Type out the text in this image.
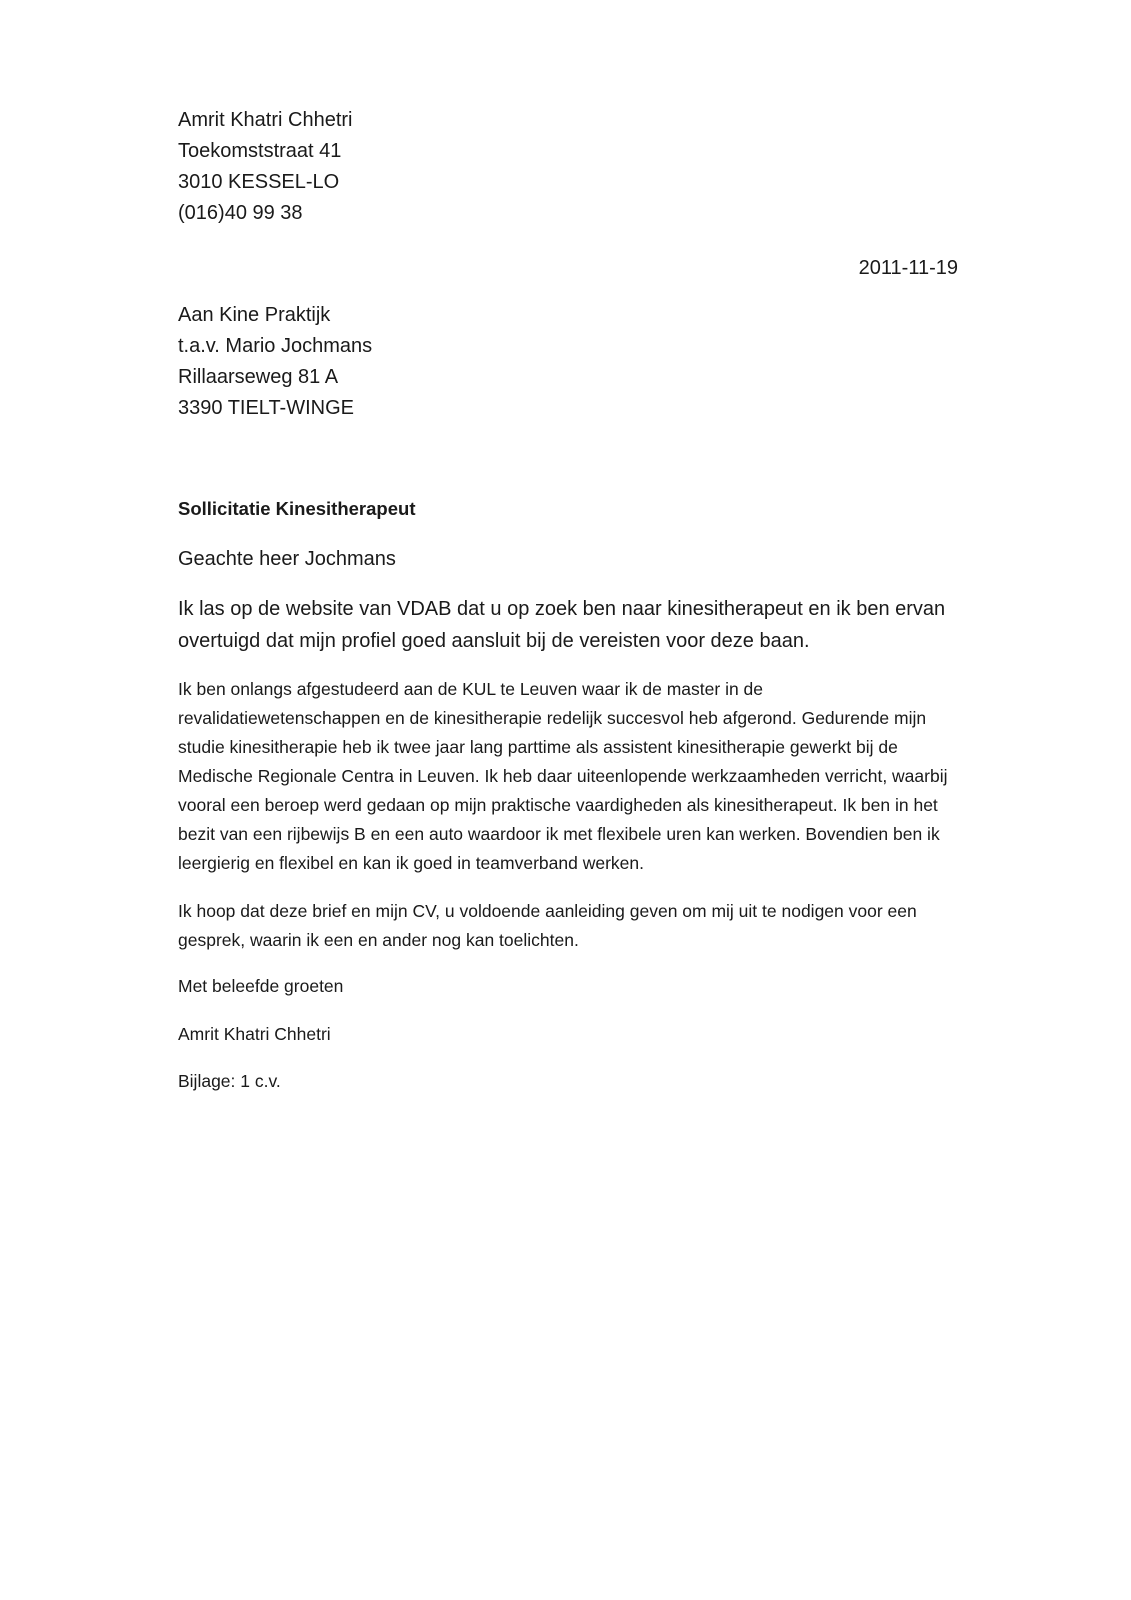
Amrit Khatri Chhetri
Toekomststraat 41
3010 KESSEL-LO
(016)40 99 38
2011-11-19
Aan Kine Praktijk
t.a.v. Mario Jochmans
Rillaarseweg 81 A
3390 TIELT-WINGE
Sollicitatie Kinesitherapeut
Geachte heer Jochmans
Ik las op de website van VDAB dat u op zoek ben naar kinesitherapeut en ik ben ervan
overtuigd dat mijn profiel goed aansluit bij de vereisten voor deze baan.
Ik ben onlangs afgestudeerd aan de KUL te Leuven waar ik de master in de
revalidatiewetenschappen en de kinesitherapie redelijk succesvol heb afgerond. Gedurende mijn
studie kinesitherapie heb ik twee jaar lang parttime als assistent kinesitherapie gewerkt bij de
Medische Regionale Centra in Leuven. Ik heb daar uiteenlopende werkzaamheden verricht, waarbij
vooral een beroep werd gedaan op mijn praktische vaardigheden als kinesitherapeut. Ik ben in het
bezit van een rijbewijs B en een auto waardoor ik met flexibele uren kan werken. Bovendien ben ik
leergierig en flexibel en kan ik goed in teamverband werken.
Ik hoop dat deze brief en mijn CV, u voldoende aanleiding geven om mij uit te nodigen voor een
gesprek, waarin ik een en ander nog kan toelichten.
Met beleefde groeten
Amrit Khatri Chhetri
Bijlage: 1 c.v.
